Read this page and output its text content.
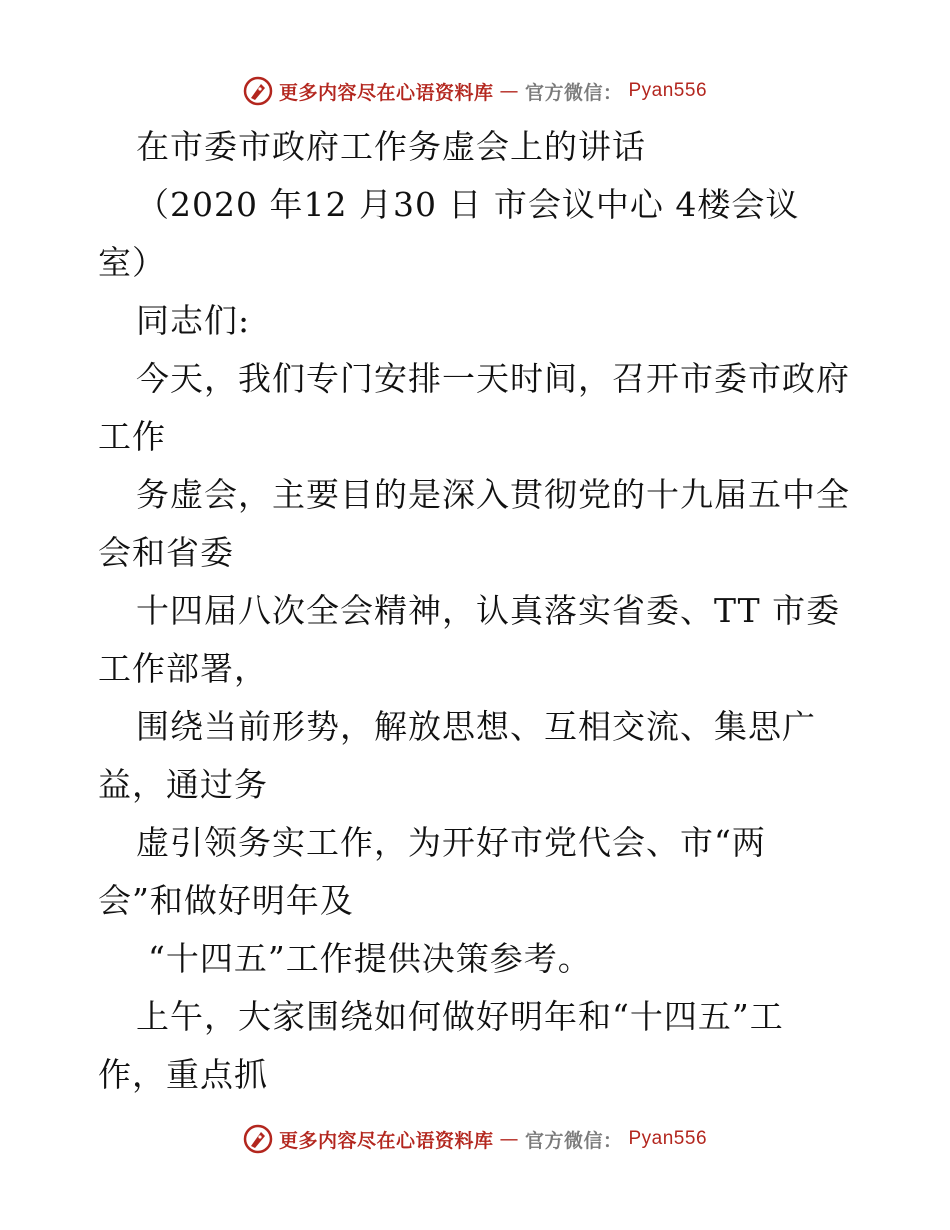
更多内容尽在心语资料库 — 官方微信： Pyan556
在市委市政府工作务虚会上的讲话
（2020 年12 月30 日 市会议中心 4楼会议
室）
同志们:
今天，我们专门安排一天时间，召开市委市政府
工作
务虚会，主要目的是深入贯彻党的十九届五中全
会和省委
十四届八次全会精神，认真落实省委、TT 市委
工作部署，
围绕当前形势，解放思想、互相交流、集思广
益，通过务
虚引领务实工作，为开好市党代会、市“两
会”和做好明年及
“十四五”工作提供决策参考。
上午，大家围绕如何做好明年和“十四五”工
作，重点抓
更多内容尽在心语资料库 — 官方微信： Pyan556
